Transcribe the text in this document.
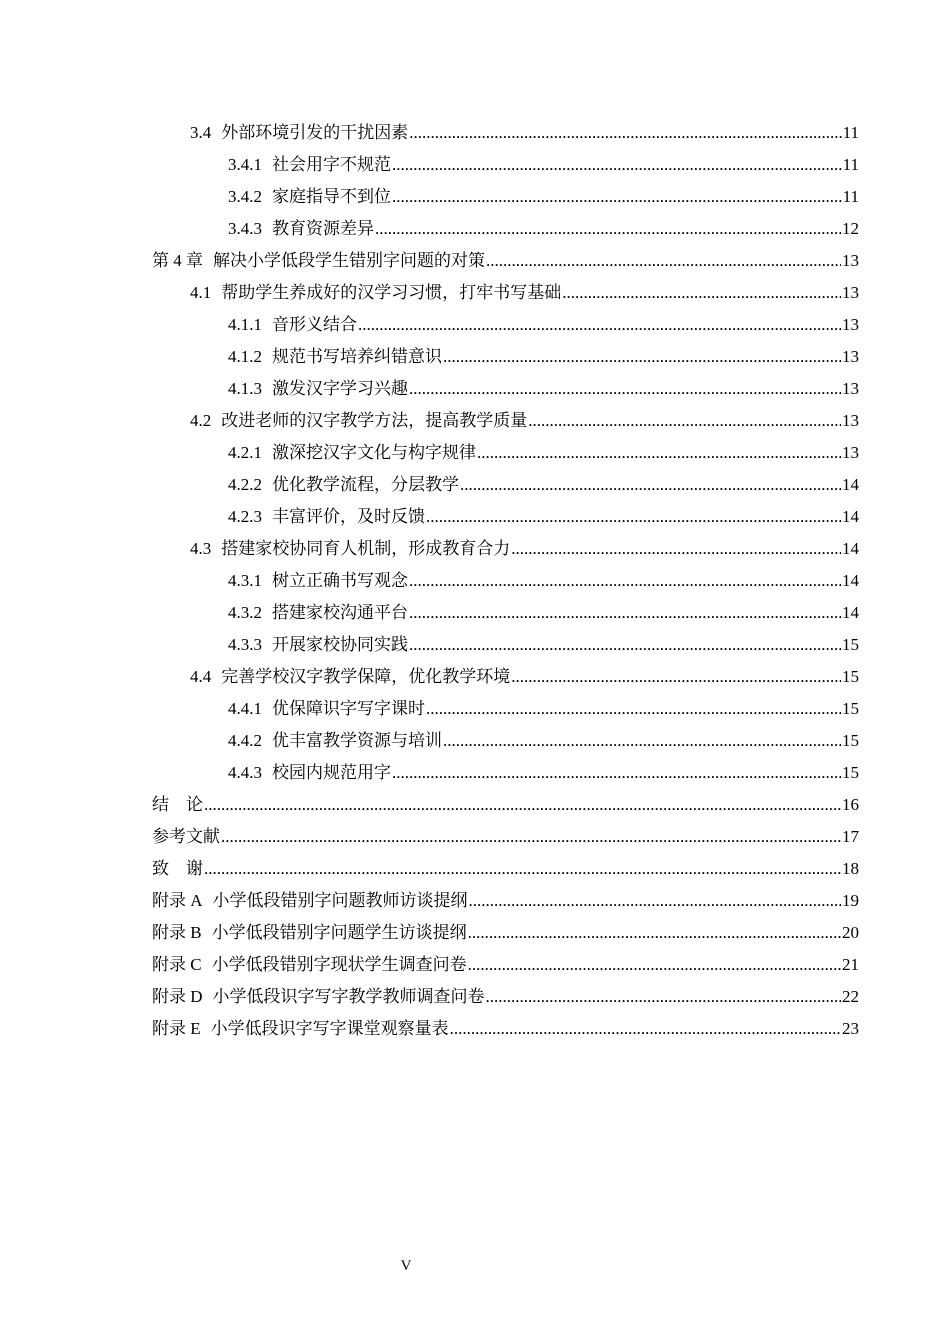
3.4 外部环境引发的干扰因素 .....	11
3.4.1 社会用字不规范 .....	11
3.4.2 家庭指导不到位 .....	11
3.4.3 教育资源差异 .....	12
第 4 章 解决小学低段学生错别字问题的对策 .....	13
4.1 帮助学生养成好的汉学习习惯，打牢书写基础 .....	13
4.1.1 音形义结合 .....	13
4.1.2 规范书写培养纠错意识 .....	13
4.1.3 激发汉字学习兴趣 .....	13
4.2 改进老师的汉字教学方法，提高教学质量 .....	13
4.2.1 激深挖汉字文化与构字规律 .....	13
4.2.2 优化教学流程，分层教学 .....	14
4.2.3 丰富评价，及时反馈 .....	14
4.3 搭建家校协同育人机制，形成教育合力 .....	14
4.3.1 树立正确书写观念 .....	14
4.3.2 搭建家校沟通平台 .....	14
4.3.3 开展家校协同实践 .....	15
4.4 完善学校汉字教学保障，优化教学环境 .....	15
4.4.1 优保障识字写字课时 .....	15
4.4.2 优丰富教学资源与培训 .....	15
4.4.3 校园内规范用字 .....	15
结　论 .....	16
参考文献 .....	17
致　谢 .....	18
附录 A 小学低段错别字问题教师访谈提纲 .....	19
附录 B 小学低段错别字问题学生访谈提纲 .....	20
附录 C 小学低段错别字现状学生调查问卷 .....	21
附录 D 小学低段识字写字教学教师调查问卷 .....	22
附录 E 小学低段识字写字课堂观察量表 .....	23
V
